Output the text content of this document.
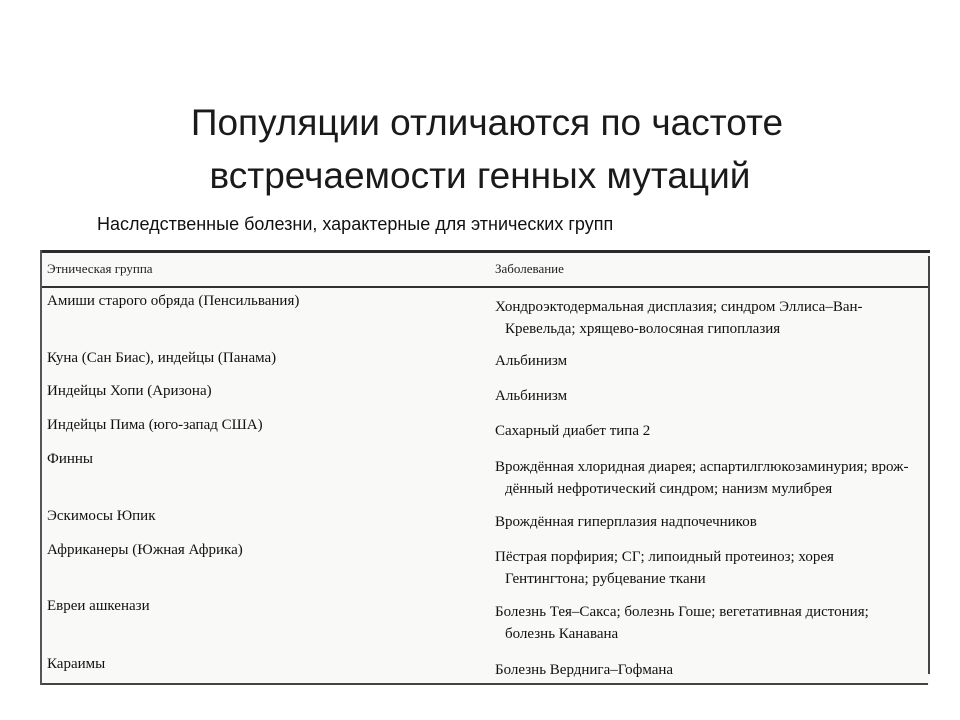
Популяции отличаются по частоте
встречаемости генных мутаций
Наследственные болезни, характерные для этнических групп
Этническая группа	Заболевание
Амиши старого обряда (Пенсильвания)	Хондроэктодермальная дисплазия; синдром Эллиса–Ван-
Кревельда; хрящево-волосяная гипоплазия
Куна (Сан Биас), индейцы (Панама)	Альбинизм
Индейцы Хопи (Аризона)	Альбинизм
Индейцы Пима (юго-запад США)	Сахарный диабет типа 2
Финны	Врождённая хлоридная диарея; аспартилглюкозаминурия; врож-
дённый нефротический синдром; нанизм мулибрея
Эскимосы Юпик	Врождённая гиперплазия надпочечников
Африканеры (Южная Африка)	Пёстрая порфирия; СГ; липоидный протеиноз; хорея
Гентингтона; рубцевание ткани
Евреи ашкенази	Болезнь Тея–Сакса; болезнь Гоше; вегетативная дистония;
болезнь Канавана
Караимы	Болезнь Верднига–Гофмана
